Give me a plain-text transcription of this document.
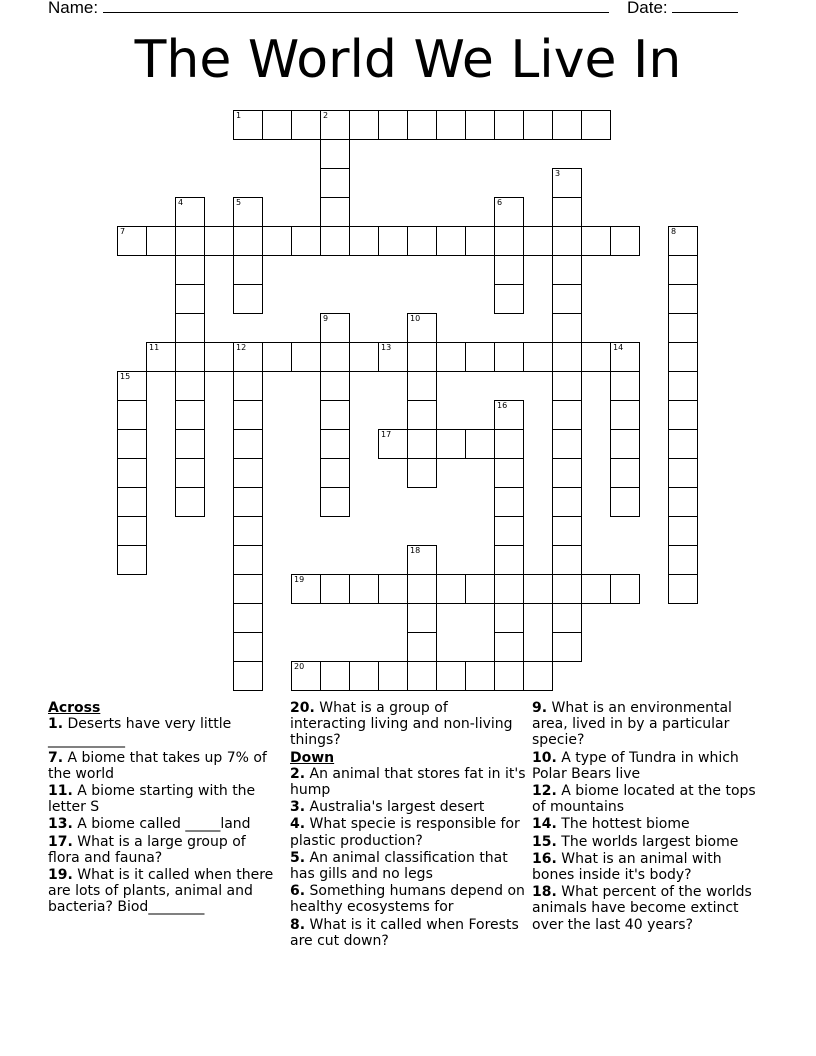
Name:	Date:
The World We Live In
1	2
3
4	5	6
7	8
9	10
11	12	13	14
15
16
17
18
19
20
Across
1. Deserts have very little ___________
7. A biome that takes up 7% of the world
11. A biome starting with the letter S
13. A biome called _____land
17. What is a large group of flora and fauna?
19. What is it called when there are lots of plants, animal and bacteria? Biod________
20. What is a group of interacting living and non-living things?
Down
2. An animal that stores fat in it's hump
3. Australia's largest desert
4. What specie is responsible for plastic production?
5. An animal classification that has gills and no legs
6. Something humans depend on healthy ecosystems for
8. What is it called when Forests are cut down?
9. What is an environmental area, lived in by a particular specie?
10. A type of Tundra in which Polar Bears live
12. A biome located at the tops of mountains
14. The hottest biome
15. The worlds largest biome
16. What is an animal with bones inside it's body?
18. What percent of the worlds animals have become extinct over the last 40 years?
